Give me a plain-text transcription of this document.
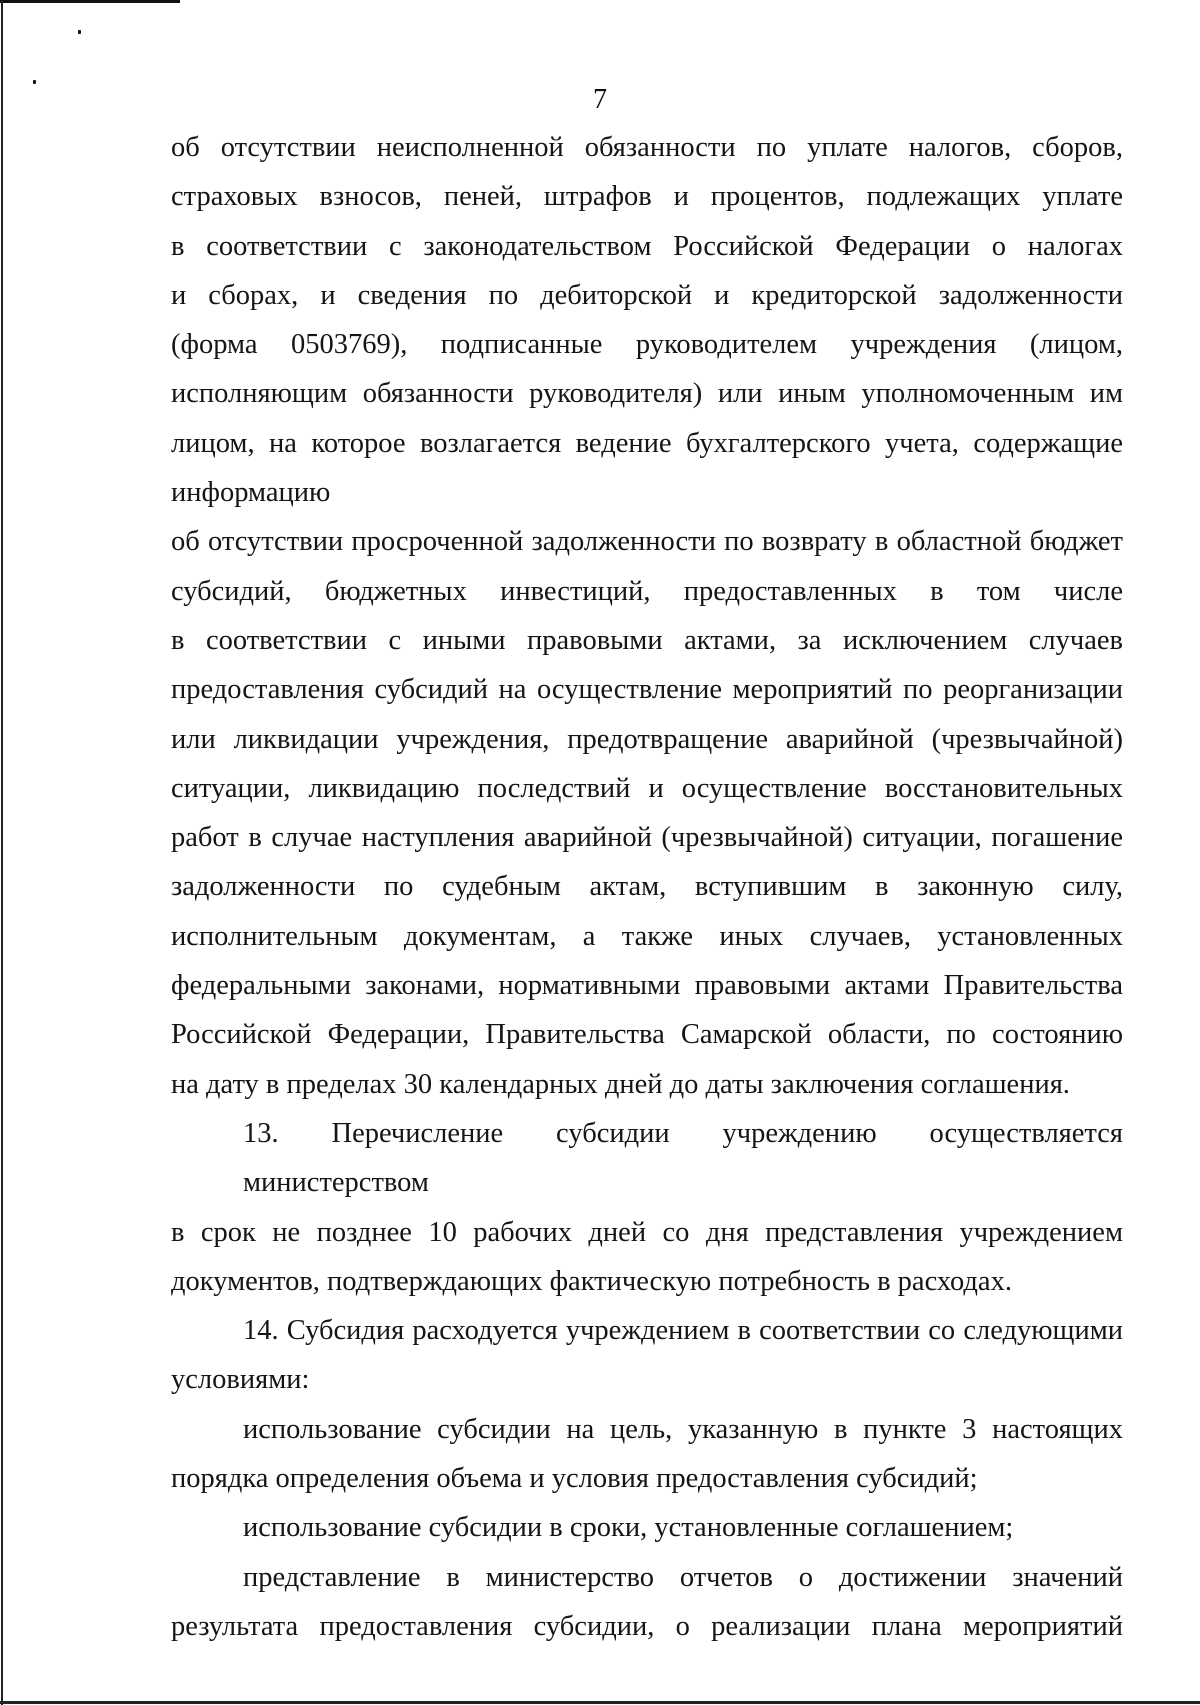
7
об отсутствии неисполненной обязанности по уплате налогов, сборов,
страховых взносов, пеней, штрафов и процентов, подлежащих уплате
в соответствии с законодательством Российской Федерации о налогах
и сборах, и сведения по дебиторской и кредиторской задолженности
(форма 0503769), подписанные руководителем учреждения (лицом,
исполняющим обязанности руководителя) или иным уполномоченным им
лицом, на которое возлагается ведение бухгалтерского учета, содержащие
информацию
об отсутствии просроченной задолженности по возврату в областной бюджет
субсидий, бюджетных инвестиций, предоставленных в том числе
в соответствии с иными правовыми актами, за исключением случаев
предоставления субсидий на осуществление мероприятий по реорганизации
или ликвидации учреждения, предотвращение аварийной (чрезвычайной)
ситуации, ликвидацию последствий и осуществление восстановительных
работ в случае наступления аварийной (чрезвычайной) ситуации, погашение
задолженности по судебным актам, вступившим в законную силу,
исполнительным документам, а также иных случаев, установленных
федеральными законами, нормативными правовыми актами Правительства
Российской Федерации, Правительства Самарской области, по состоянию
на дату в пределах 30 календарных дней до даты заключения соглашения.
13. Перечисление субсидии учреждению осуществляется министерством
в срок не позднее 10 рабочих дней со дня представления учреждением
документов, подтверждающих фактическую потребность в расходах.
14. Субсидия расходуется учреждением в соответствии со следующими
условиями:
использование субсидии на цель, указанную в пункте 3 настоящих
порядка определения объема и условия предоставления субсидий;
использование субсидии в сроки, установленные соглашением;
представление в министерство отчетов о достижении значений
результата предоставления субсидии, о реализации плана мероприятий
